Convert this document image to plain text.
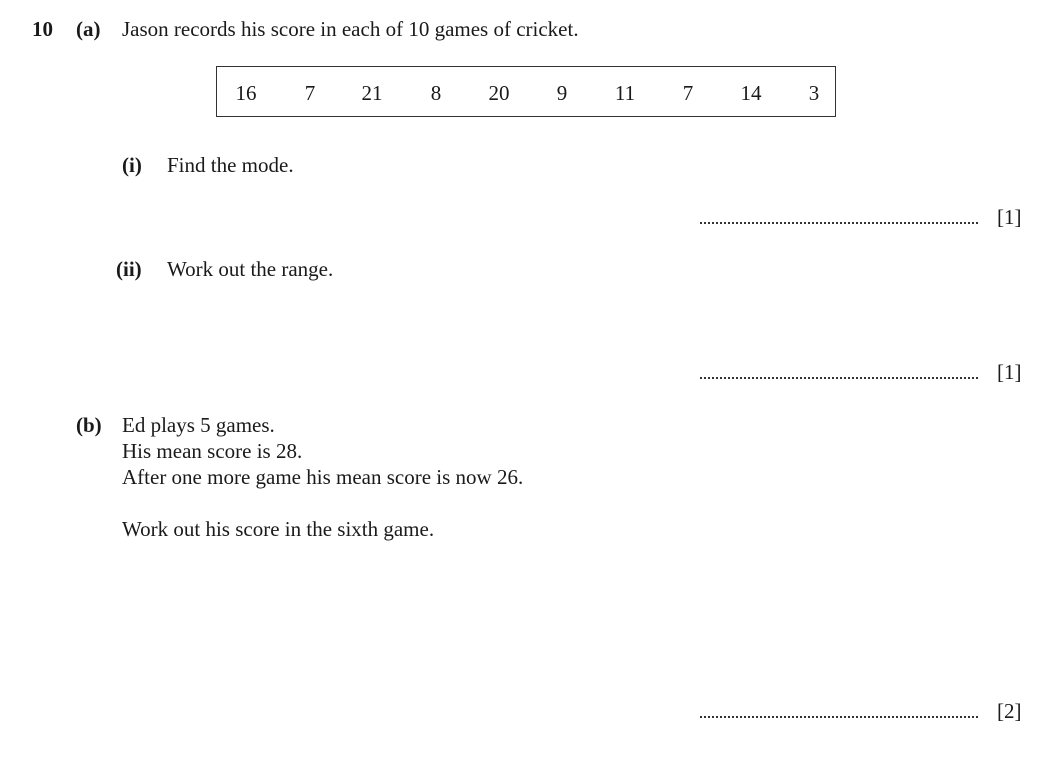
10 (a) Jason records his score in each of 10 games of cricket.
16 7 21 8 20 9 11 7 14 3
(i) Find the mode.
[1]
(ii) Work out the range.
[1]
(b) Ed plays 5 games.
His mean score is 28.
After one more game his mean score is now 26.
Work out his score in the sixth game.
[2]
